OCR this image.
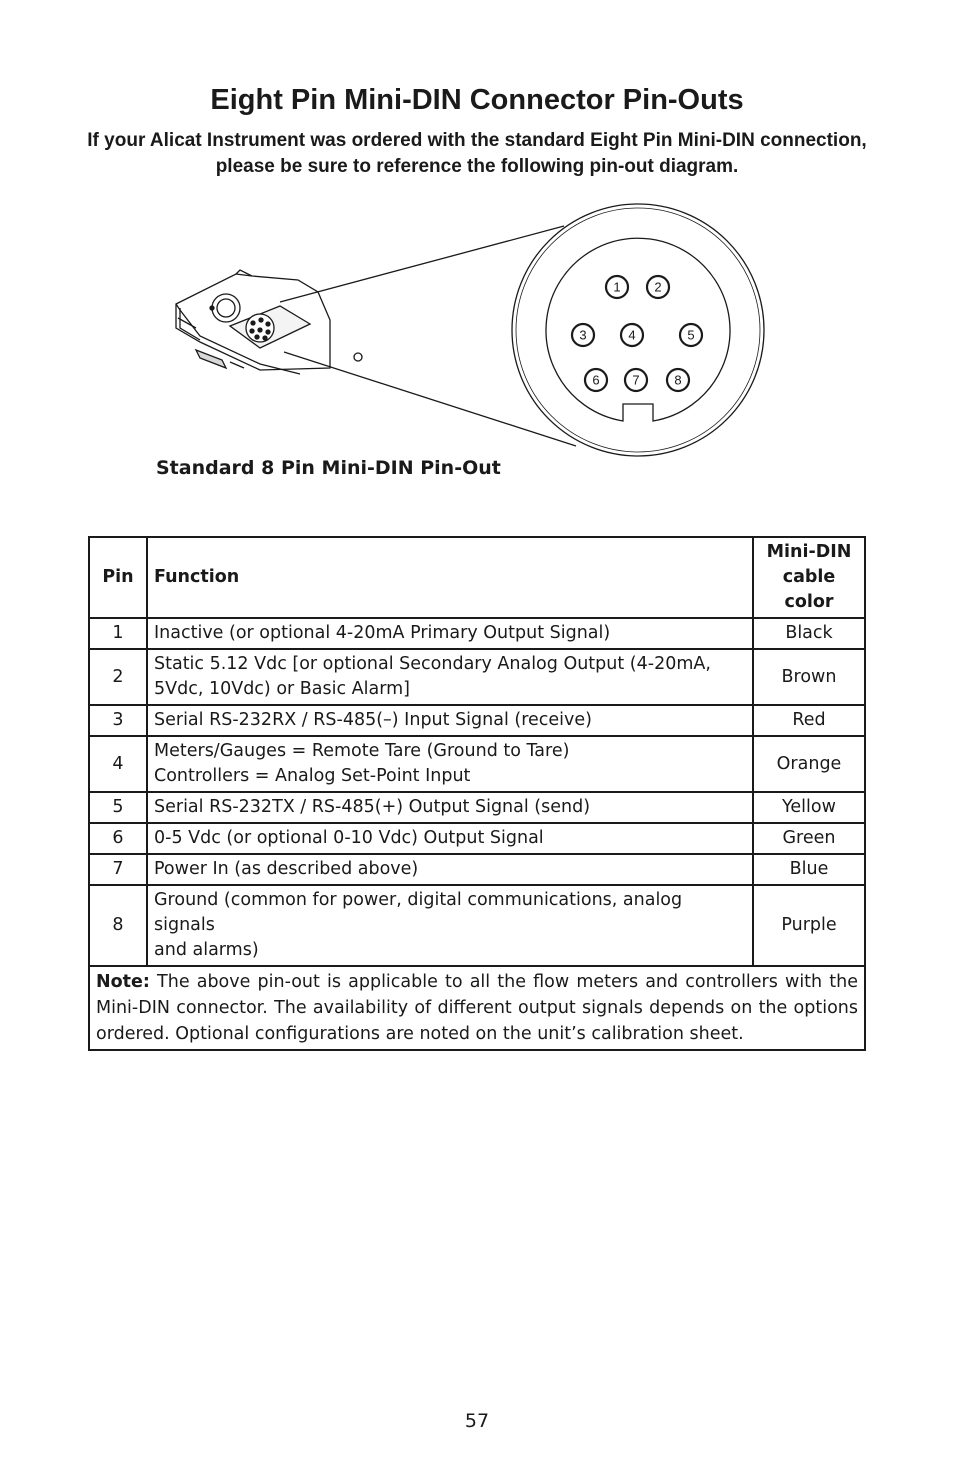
Eight Pin Mini-DIN Connector Pin-Outs
If your Alicat Instrument was ordered with the standard Eight Pin Mini-DIN connection, please be sure to reference the following pin-out diagram.
1	2
3	4	5
6	7	8
Standard 8 Pin Mini-DIN Pin-Out
Pin	Function	Mini-DIN
cable color
1	Inactive (or optional 4-20mA Primary Output Signal)	Black
2	Static 5.12 Vdc [or optional Secondary Analog Output (4-20mA,
5Vdc, 10Vdc) or Basic Alarm]	Brown
3	Serial RS-232RX / RS-485(–) Input Signal (receive)	Red
4	Meters/Gauges = Remote Tare (Ground to Tare)
Controllers = Analog Set-Point Input	Orange
5	Serial RS-232TX / RS-485(+) Output Signal (send)	Yellow
6	0-5 Vdc (or optional 0-10 Vdc) Output Signal	Green
7	Power In (as described above)	Blue
8	Ground (common for power, digital communications, analog signals
and alarms)	Purple
Note: The above pin-out is applicable to all the flow meters and controllers with the Mini-DIN connector. The availability of different output signals depends on the options ordered. Optional configurations are noted on the unit’s calibration sheet.		
57
